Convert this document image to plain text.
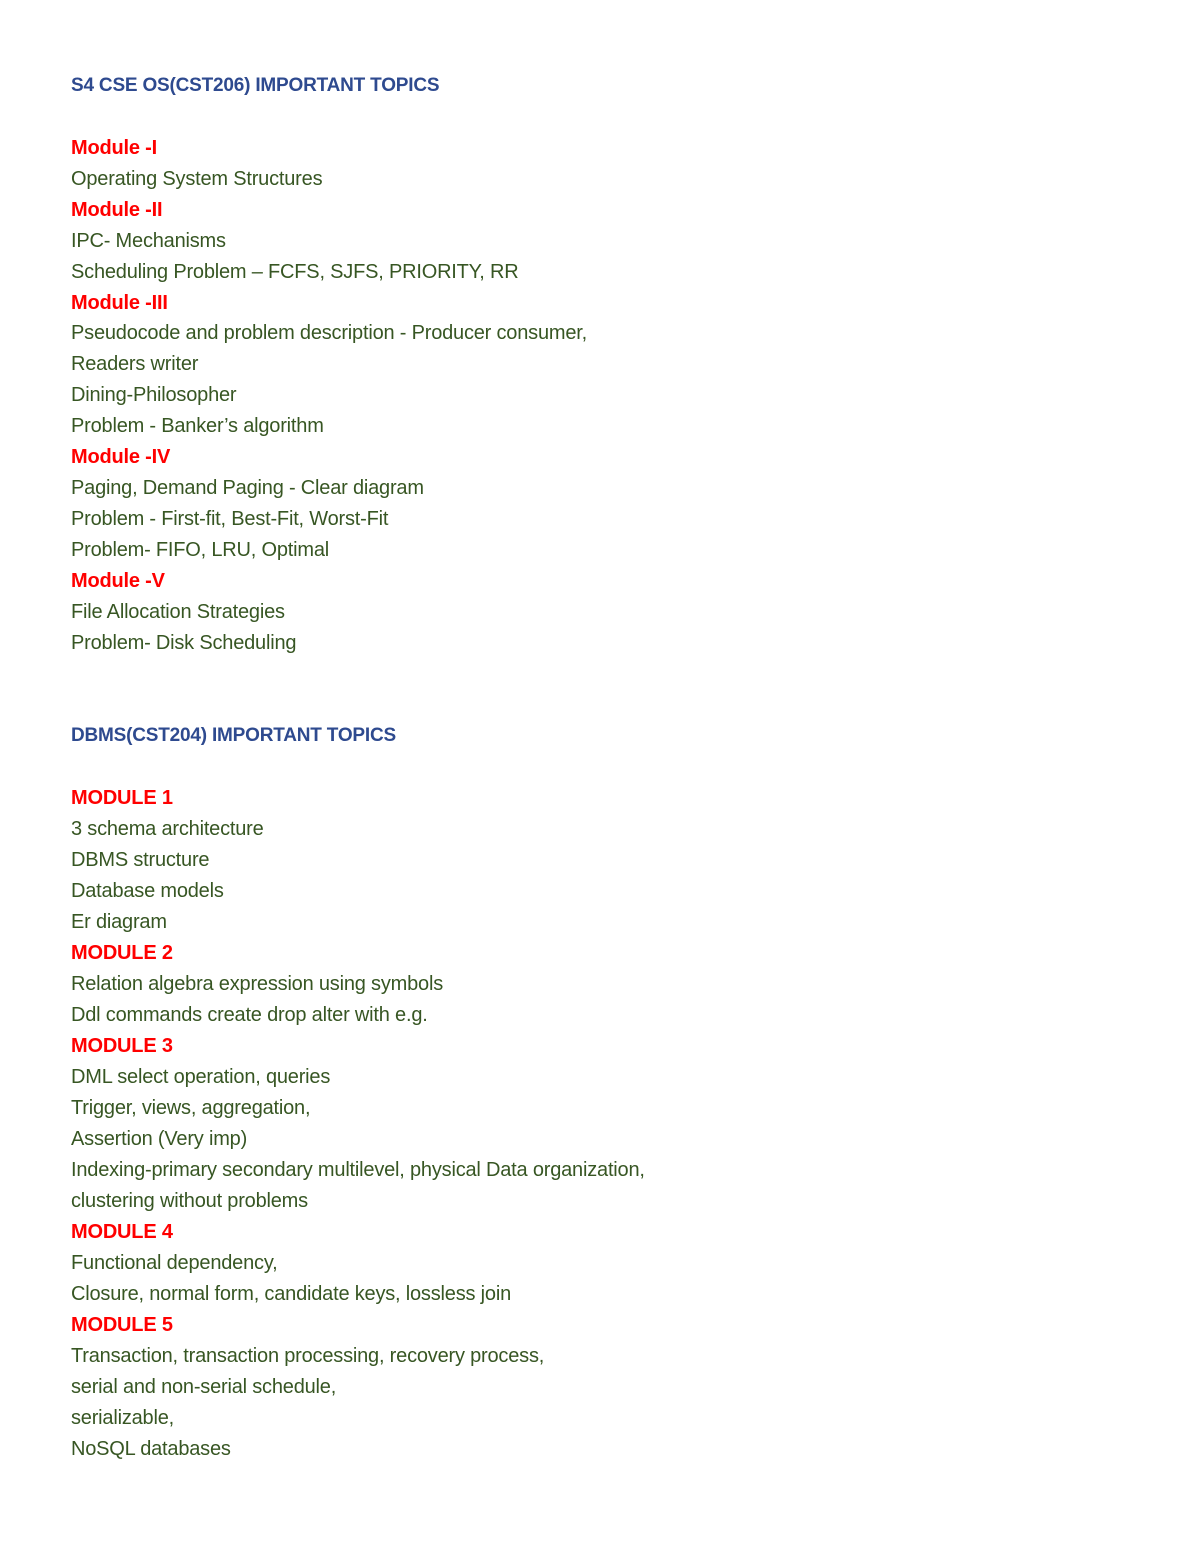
S4 CSE OS(CST206) IMPORTANT TOPICS
Module -I
Operating System Structures
Module -II
IPC- Mechanisms
Scheduling Problem – FCFS, SJFS, PRIORITY, RR
Module -III
Pseudocode and problem description - Producer consumer,
Readers writer
Dining-Philosopher
Problem - Banker’s algorithm
Module -IV
Paging, Demand Paging - Clear diagram
Problem - First-fit, Best-Fit, Worst-Fit
Problem- FIFO, LRU, Optimal
Module -V
File Allocation Strategies
Problem- Disk Scheduling
DBMS(CST204) IMPORTANT TOPICS
MODULE 1
3 schema architecture
DBMS structure
Database models
Er diagram
MODULE 2
Relation algebra expression using symbols
Ddl commands create drop alter with e.g.
MODULE 3
DML select operation, queries
Trigger, views, aggregation,
Assertion (Very imp)
Indexing-primary secondary multilevel, physical Data organization,
clustering without problems
MODULE 4
Functional dependency,
Closure, normal form, candidate keys, lossless join
MODULE 5
Transaction, transaction processing, recovery process,
serial and non-serial schedule,
serializable,
NoSQL databases
